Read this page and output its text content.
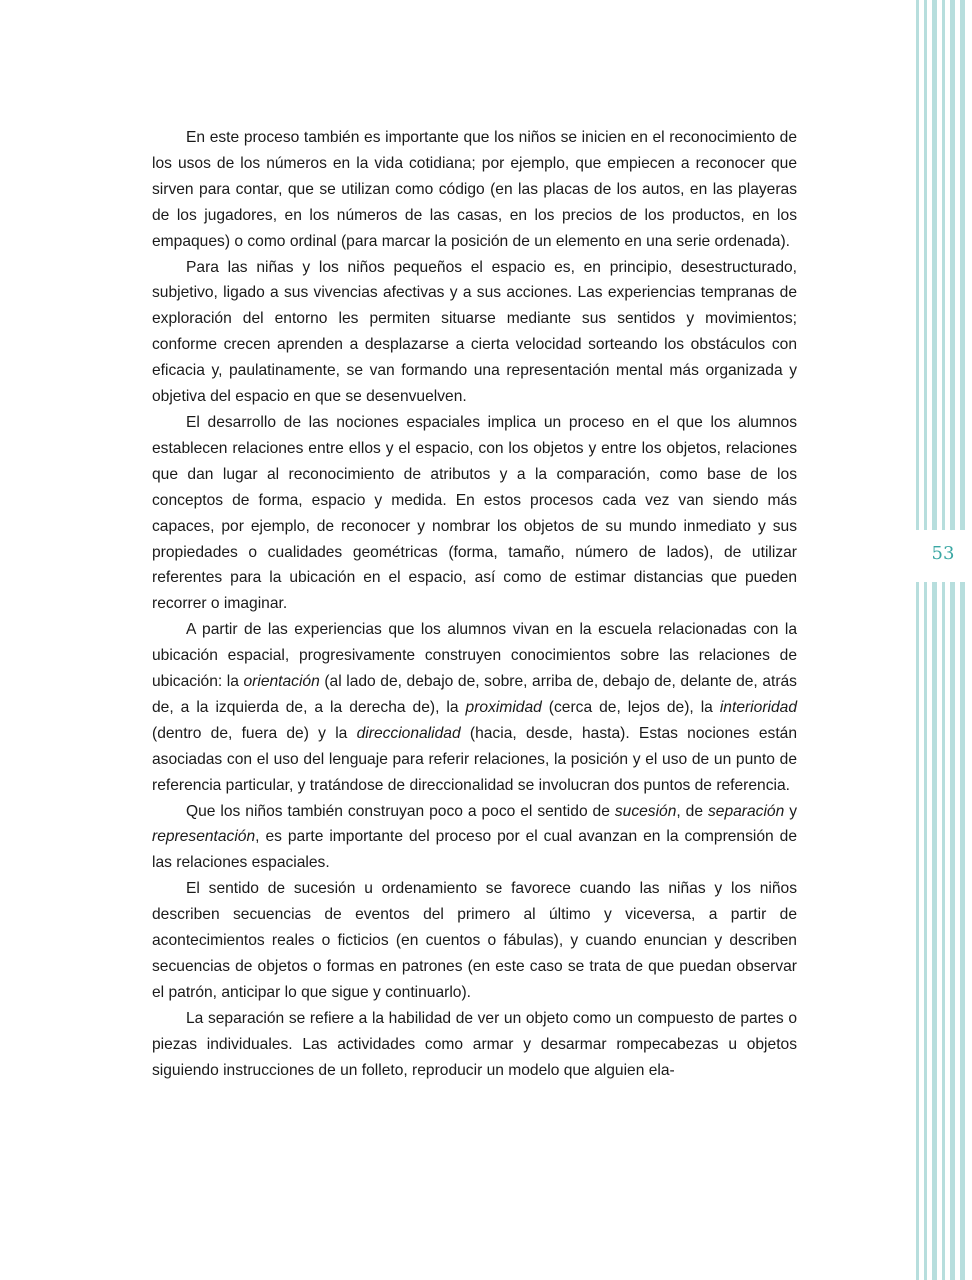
En este proceso también es importante que los niños se inicien en el reconocimiento de los usos de los números en la vida cotidiana; por ejemplo, que empiecen a reconocer que sirven para contar, que se utilizan como código (en las placas de los autos, en las playeras de los jugadores, en los números de las casas, en los precios de los productos, en los empaques) o como ordinal (para marcar la posición de un elemento en una serie ordenada).

Para las niñas y los niños pequeños el espacio es, en principio, desestructurado, subjetivo, ligado a sus vivencias afectivas y a sus acciones. Las experiencias tempranas de exploración del entorno les permiten situarse mediante sus sentidos y movimientos; conforme crecen aprenden a desplazarse a cierta velocidad sorteando los obstáculos con eficacia y, paulatinamente, se van formando una representación mental más organizada y objetiva del espacio en que se desenvuelven.

El desarrollo de las nociones espaciales implica un proceso en el que los alumnos establecen relaciones entre ellos y el espacio, con los objetos y entre los objetos, relaciones que dan lugar al reconocimiento de atributos y a la comparación, como base de los conceptos de forma, espacio y medida. En estos procesos cada vez van siendo más capaces, por ejemplo, de reconocer y nombrar los objetos de su mundo inmediato y sus propiedades o cualidades geométricas (forma, tamaño, número de lados), de utilizar referentes para la ubicación en el espacio, así como de estimar distancias que pueden recorrer o imaginar.

A partir de las experiencias que los alumnos vivan en la escuela relacionadas con la ubicación espacial, progresivamente construyen conocimientos sobre las relaciones de ubicación: la orientación (al lado de, debajo de, sobre, arriba de, debajo de, delante de, atrás de, a la izquierda de, a la derecha de), la proximidad (cerca de, lejos de), la interioridad (dentro de, fuera de) y la direccionalidad (hacia, desde, hasta). Estas nociones están asociadas con el uso del lenguaje para referir relaciones, la posición y el uso de un punto de referencia particular, y tratándose de direccionalidad se involucran dos puntos de referencia.

Que los niños también construyan poco a poco el sentido de sucesión, de separación y representación, es parte importante del proceso por el cual avanzan en la comprensión de las relaciones espaciales.

El sentido de sucesión u ordenamiento se favorece cuando las niñas y los niños describen secuencias de eventos del primero al último y viceversa, a partir de acontecimientos reales o ficticios (en cuentos o fábulas), y cuando enuncian y describen secuencias de objetos o formas en patrones (en este caso se trata de que puedan observar el patrón, anticipar lo que sigue y continuarlo).

La separación se refiere a la habilidad de ver un objeto como un compuesto de partes o piezas individuales. Las actividades como armar y desarmar rompecabezas u objetos siguiendo instrucciones de un folleto, reproducir un modelo que alguien ela-

53
